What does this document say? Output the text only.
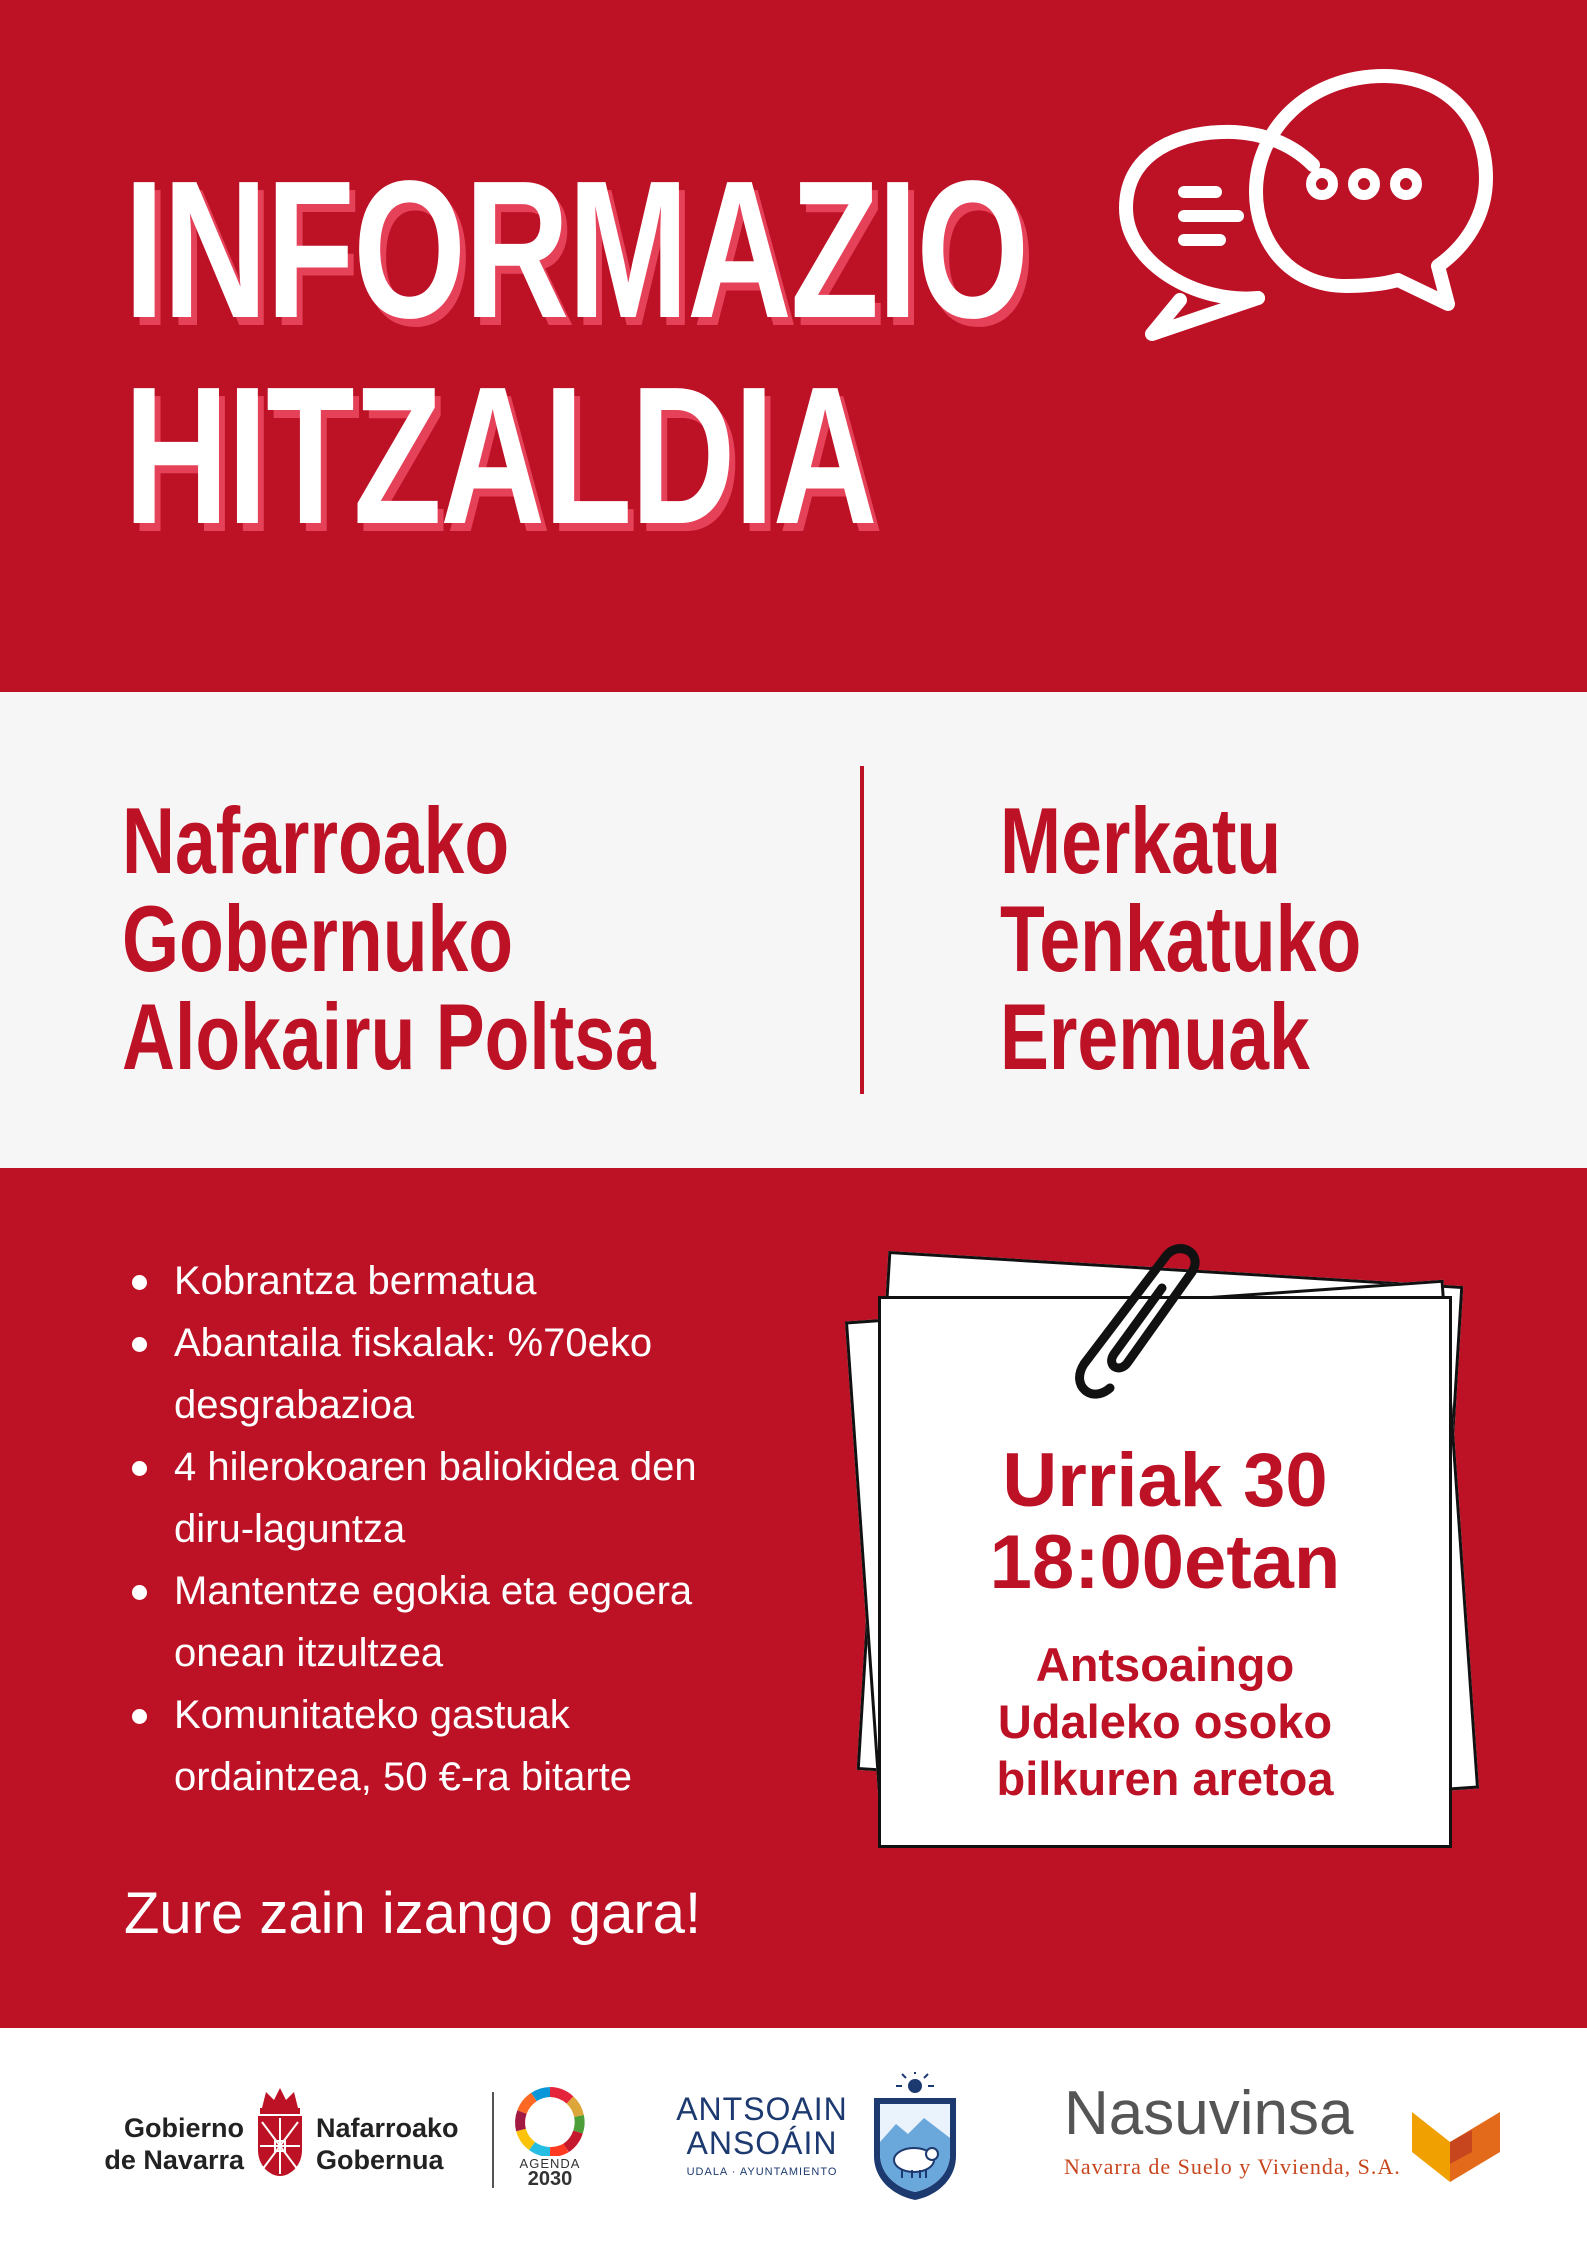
INFORMAZIO
HITZALDIA
Nafarroako
Gobernuko
Alokairu Poltsa
Merkatu
Tenkatuko
Eremuak
Kobrantza bermatua
Abantaila fiskalak: %70eko desgrabazioa
4 hilerokoaren baliokidea den diru-laguntza
Mantentze egokia eta egoera onean itzultzea
Komunitateko gastuak ordaintzea, 50 €-ra bitarte
Zure zain izango gara!
Urriak 30
18:00etan
Antsoaingo
Udaleko osoko
bilkuren aretoa
Gobierno
de Navarra
Nafarroako
Gobernua	AGENDA
2030
ANTSOAIN
ANSOÁIN
UDALA · AYUNTAMIENTO
Nasuvinsa
Navarra de Suelo y Vivienda, S.A.
